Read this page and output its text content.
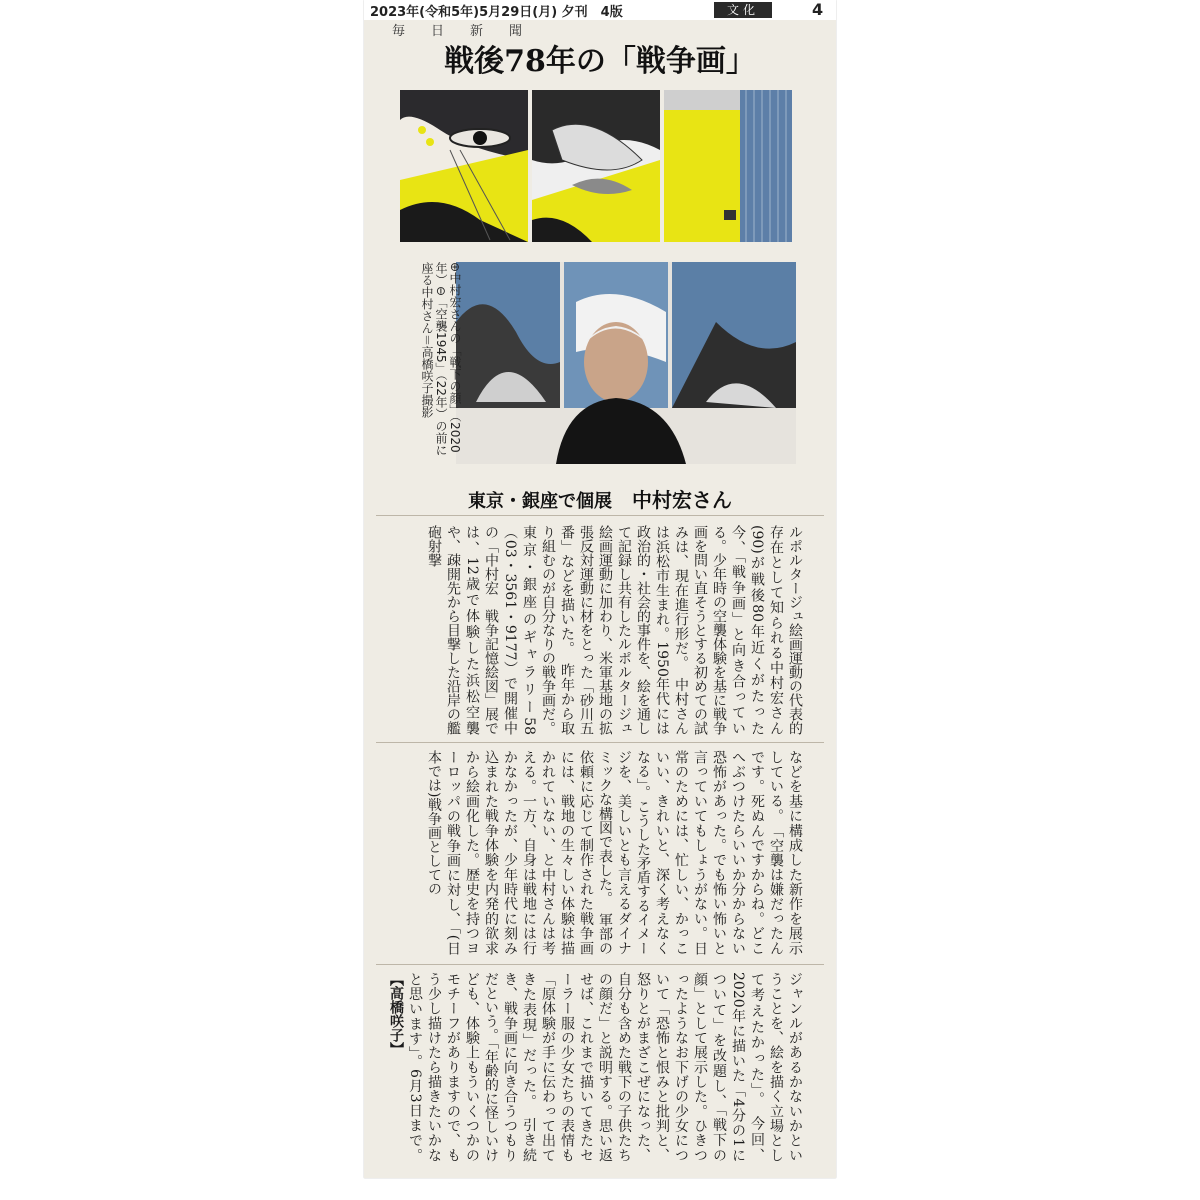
2023年(令和5年)5月29日(月) 夕刊　4版	文化	4
毎日新聞
戦後78年の「戦争画」
⊕中村宏さんの「戦下の顔」（2020年）⊖「空襲1945」（22年）の前に座る中村さん＝高橋咲子撮影
東京・銀座で個展 中村宏さん
ルポルタージュ絵画運動の代表的存在として知られる中村宏さん(90)が戦後80年近くがたった今、「戦争画」と向き合っている。少年時の空襲体験を基に戦争画を問い直そうとする初めての試みは、現在進行形だ。　中村さんは浜松市生まれ。1950年代には政治的・社会的事件を、絵を通して記録し共有したルポルタージュ絵画運動に加わり、米軍基地の拡張反対運動に材をとった「砂川五番」などを描いた。　昨年から取り組むのが自分なりの戦争画だ。東京・銀座のギャラリー58（03・3561・9177）で開催中の「中村宏　戦争記憶絵図」展では、12歳で体験した浜松空襲や、疎開先から目撃した沿岸の艦砲射撃
などを基に構成した新作を展示している。　「空襲は嫌だったんです。死ぬんですからね。どこへぶつけたらいいか分からない恐怖があった。でも怖い怖いと言っていてもしょうがない。日常のためには、忙しい、かっこいい、きれいと、深く考えなくなる」。こうした矛盾するイメージを、美しいとも言えるダイナミックな構図で表した。　軍部の依頼に応じて制作された戦争画には、戦地の生々しい体験は描かれていない、と中村さんは考える。一方、自身は戦地には行かなかったが、少年時代に刻み込まれた戦争体験を内発的欲求から絵画化した。歴史を持つヨーロッパの戦争画に対し、「(日本では)戦争画としての
ジャンルがあるかないかということを、絵を描く立場として考えたかった」。　今回、2020年に描いた「4分の1について」を改題し、「戦下の顔」として展示した。ひきつったようなお下げの少女について「恐怖と恨みと批判と、怒りとがまざこぜになった、自分も含めた戦下の子供たちの顔だ」と説明する。思い返せば、これまで描いてきたセーラー服の少女たちの表情も「原体験が手に伝わって出てきた表現」だった。　引き続き、戦争画に向き合うつもりだという。「年齢的に怪しいけども、体験上もういくつかのモチーフがありますので、もう少し描けたら描きたいかなと思います」。6月3日まで。【高橋咲子】
